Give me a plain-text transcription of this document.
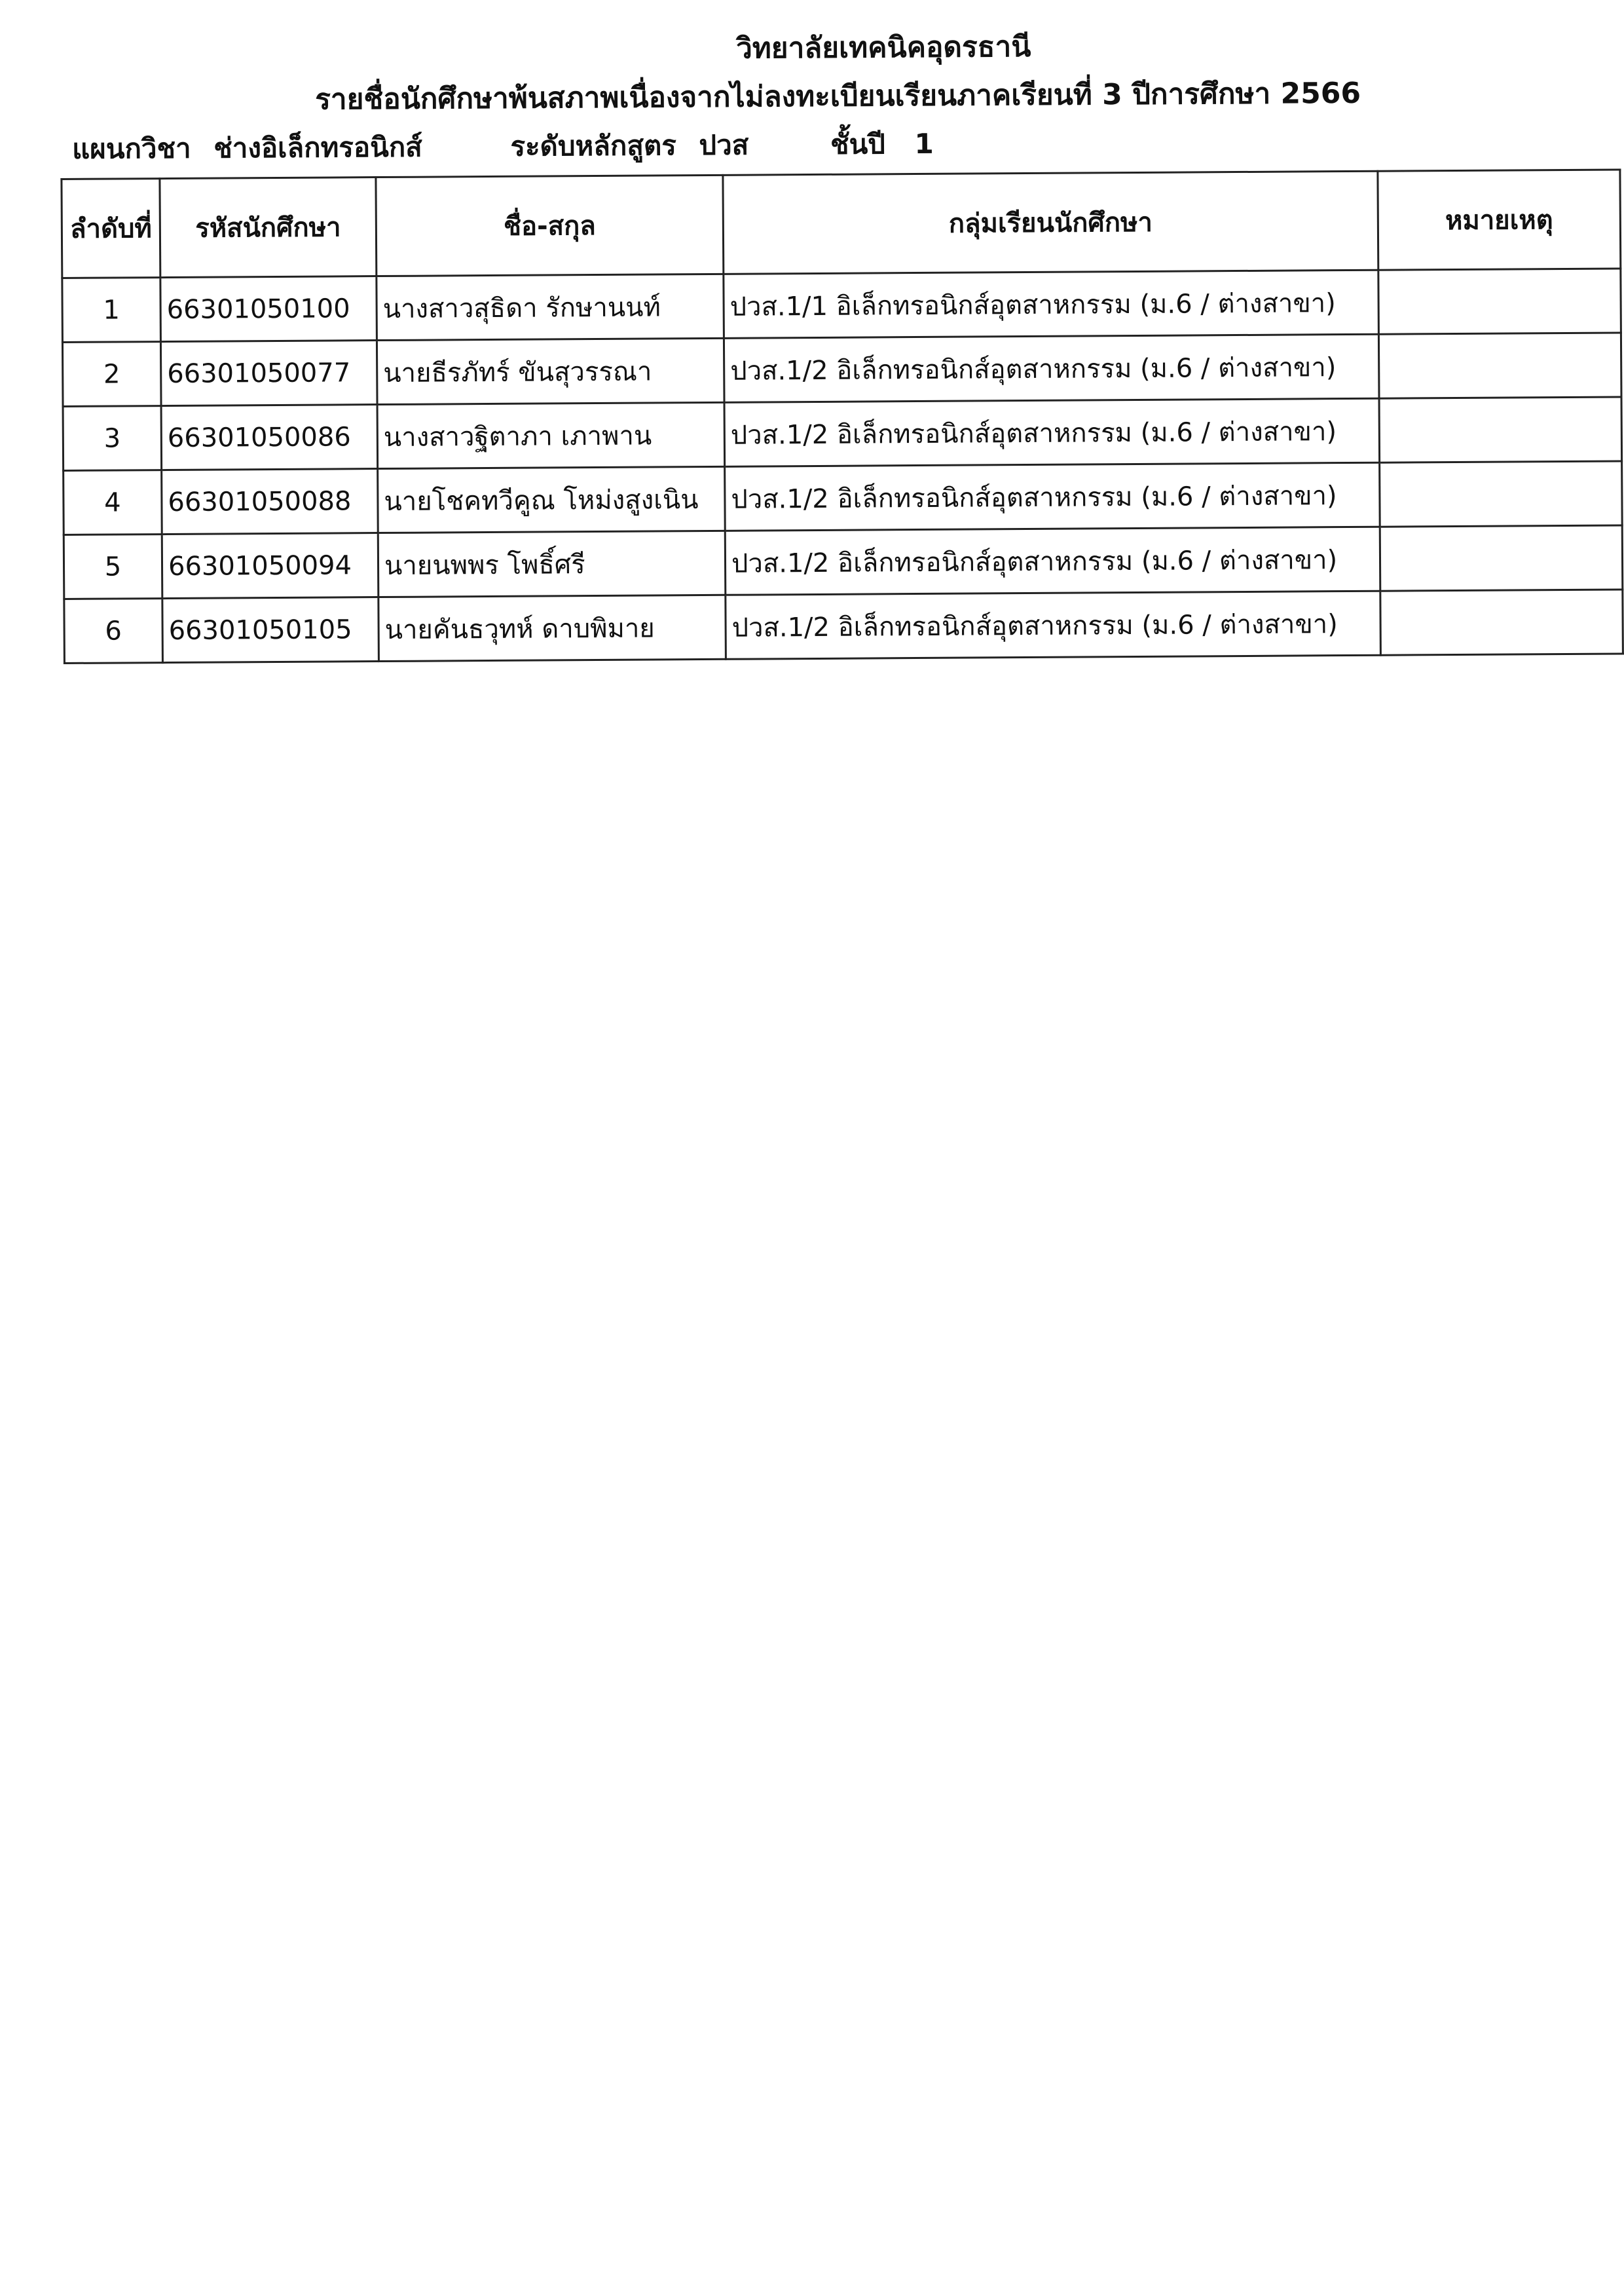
วิทยาลัยเทคนิคอุดรธานี
รายชื่อนักศึกษาพ้นสภาพเนื่องจากไม่ลงทะเบียนเรียนภาคเรียนที่ 3 ปีการศึกษา 2566
แผนกวิชา ช่างอิเล็กทรอนิกส์	ระดับหลักสูตร ปวส	ชั้นปี 1
ลำดับที่	รหัสนักศึกษา	ชื่อ-สกุล	กลุ่มเรียนนักศึกษา	หมายเหตุ
1	66301050100	นางสาวสุธิดา รักษานนท์	ปวส.1/1 อิเล็กทรอนิกส์อุตสาหกรรม (ม.6 / ต่างสาขา)	
2	66301050077	นายธีรภัทร์ ขันสุวรรณา	ปวส.1/2 อิเล็กทรอนิกส์อุตสาหกรรม (ม.6 / ต่างสาขา)	
3	66301050086	นางสาวฐิตาภา เภาพาน	ปวส.1/2 อิเล็กทรอนิกส์อุตสาหกรรม (ม.6 / ต่างสาขา)	
4	66301050088	นายโชคทวีคูณ โหม่งสูงเนิน	ปวส.1/2 อิเล็กทรอนิกส์อุตสาหกรรม (ม.6 / ต่างสาขา)	
5	66301050094	นายนพพร โพธิ์ศรี	ปวส.1/2 อิเล็กทรอนิกส์อุตสาหกรรม (ม.6 / ต่างสาขา)	
6	66301050105	นายคันธวุทห์ ดาบพิมาย	ปวส.1/2 อิเล็กทรอนิกส์อุตสาหกรรม (ม.6 / ต่างสาขา)	
